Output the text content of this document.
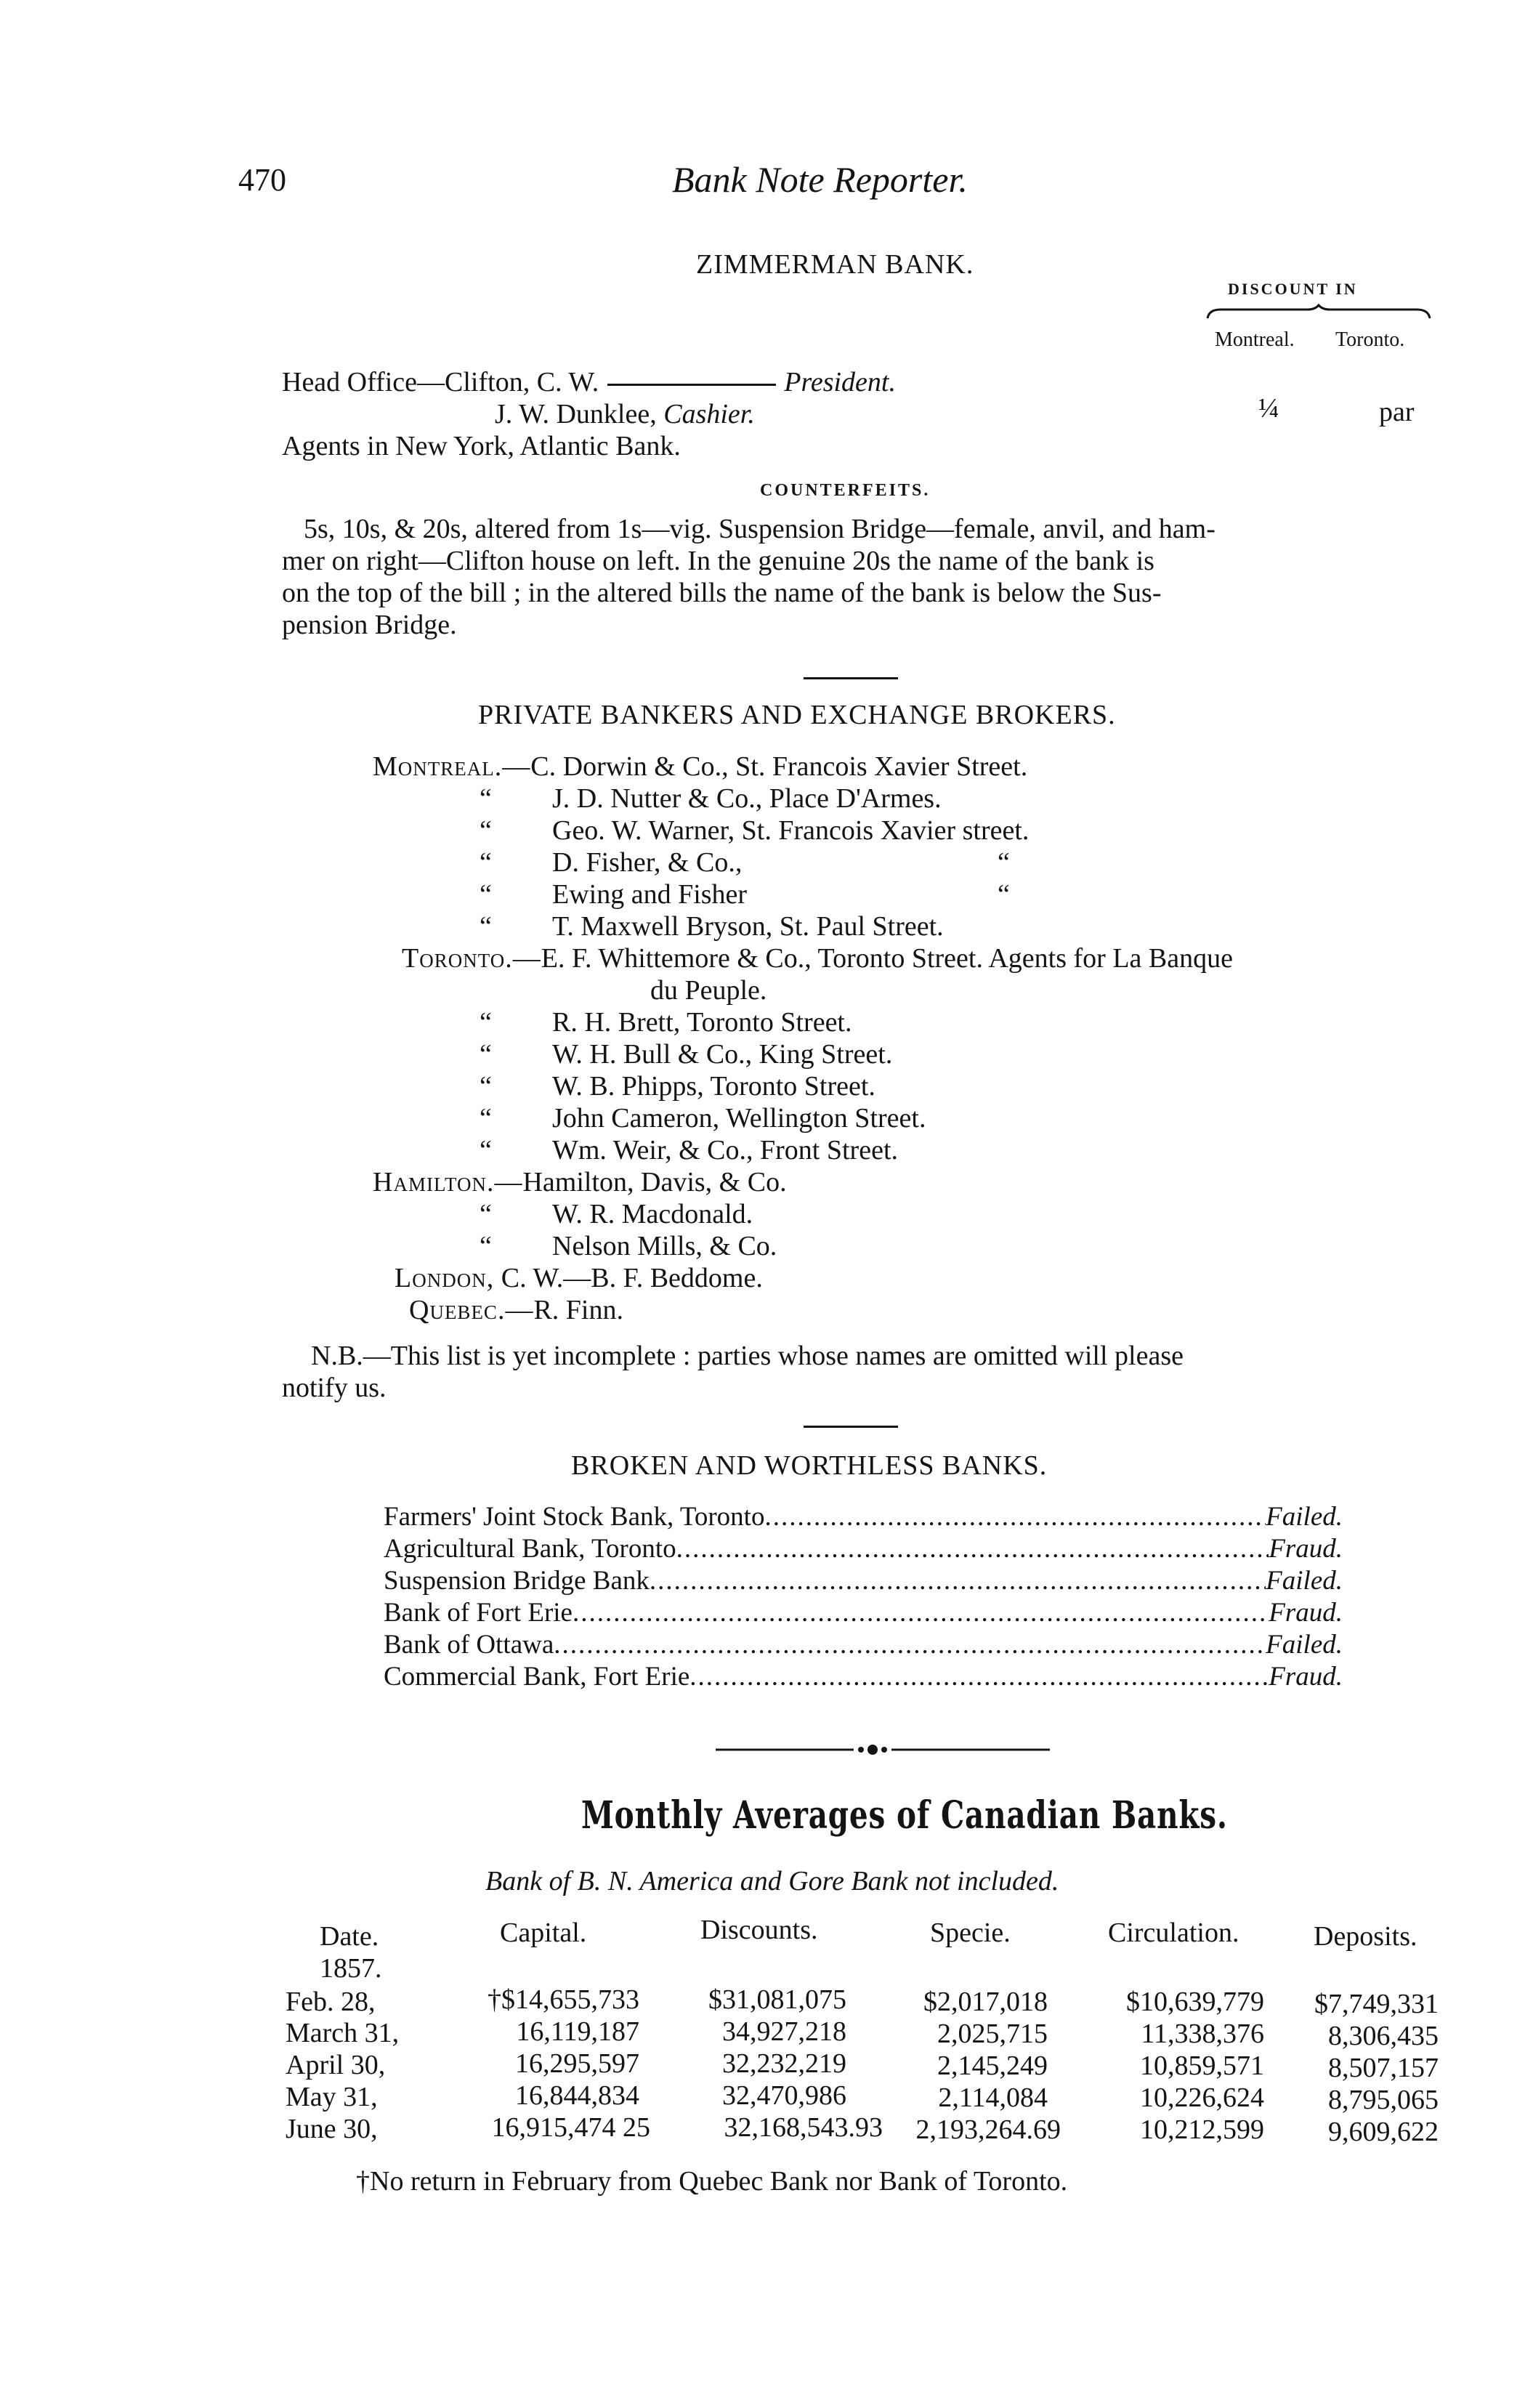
470	Bank Note Reporter.
ZIMMERMAN BANK.
DISCOUNT IN
Montreal. Toronto.
¼	par
Head Office—Clifton, C. W.	President.
J. W. Dunklee, Cashier.
Agents in New York, Atlantic Bank.
COUNTERFEITS.
5s, 10s, & 20s, altered from 1s—vig. Suspension Bridge—female, anvil, and ham-
mer on right—Clifton house on left. In the genuine 20s the name of the bank is
on the top of the bill ; in the altered bills the name of the bank is below the Sus-
pension Bridge.
PRIVATE BANKERS AND EXCHANGE BROKERS.
Montreal.—C. Dorwin & Co., St. Francois Xavier Street.
“ J. D. Nutter & Co., Place D'Armes.
“ Geo. W. Warner, St. Francois Xavier street.
“ D. Fisher, & Co.,	“
“ Ewing and Fisher	“
“ T. Maxwell Bryson, St. Paul Street.
Toronto.—E. F. Whittemore & Co., Toronto Street. Agents for La Banque
du Peuple.
“ R. H. Brett, Toronto Street.
“ W. H. Bull & Co., King Street.
“ W. B. Phipps, Toronto Street.
“ John Cameron, Wellington Street.
“ Wm. Weir, & Co., Front Street.
Hamilton.—Hamilton, Davis, & Co.
“ W. R. Macdonald.
“ Nelson Mills, & Co.
London, C. W.—B. F. Beddome.
Quebec.—R. Finn.
N.B.—This list is yet incomplete : parties whose names are omitted will please
notify us.
BROKEN AND WORTHLESS BANKS.
Farmers' Joint Stock Bank, Toronto .....	Failed.
Agricultural Bank, Toronto .....	Fraud.
Suspension Bridge Bank .....	Failed.
Bank of Fort Erie .....	Fraud.
Bank of Ottawa .....	Failed.
Commercial Bank, Fort Erie .....	Fraud.
Monthly Averages of Canadian Banks.
Bank of B. N. America and Gore Bank not included.
Date.	Capital.	Discounts.	Specie.	Circulation.	Deposits.
1857.
Feb. 28,	†$14,655,733	$31,081,075	$2,017,018	$10,639,779	$7,749,331
March 31,	16,119,187	34,927,218	2,025,715	11,338,376	8,306,435
April 30,	16,295,597	32,232,219	2,145,249	10,859,571	8,507,157
May 31,	16,844,834	32,470,986	2,114,084	10,226,624	8,795,065
June 30,	16,915,474 25	32,168,543.93	2,193,264.69	10,212,599	9,609,622
†No return in February from Quebec Bank nor Bank of Toronto.
